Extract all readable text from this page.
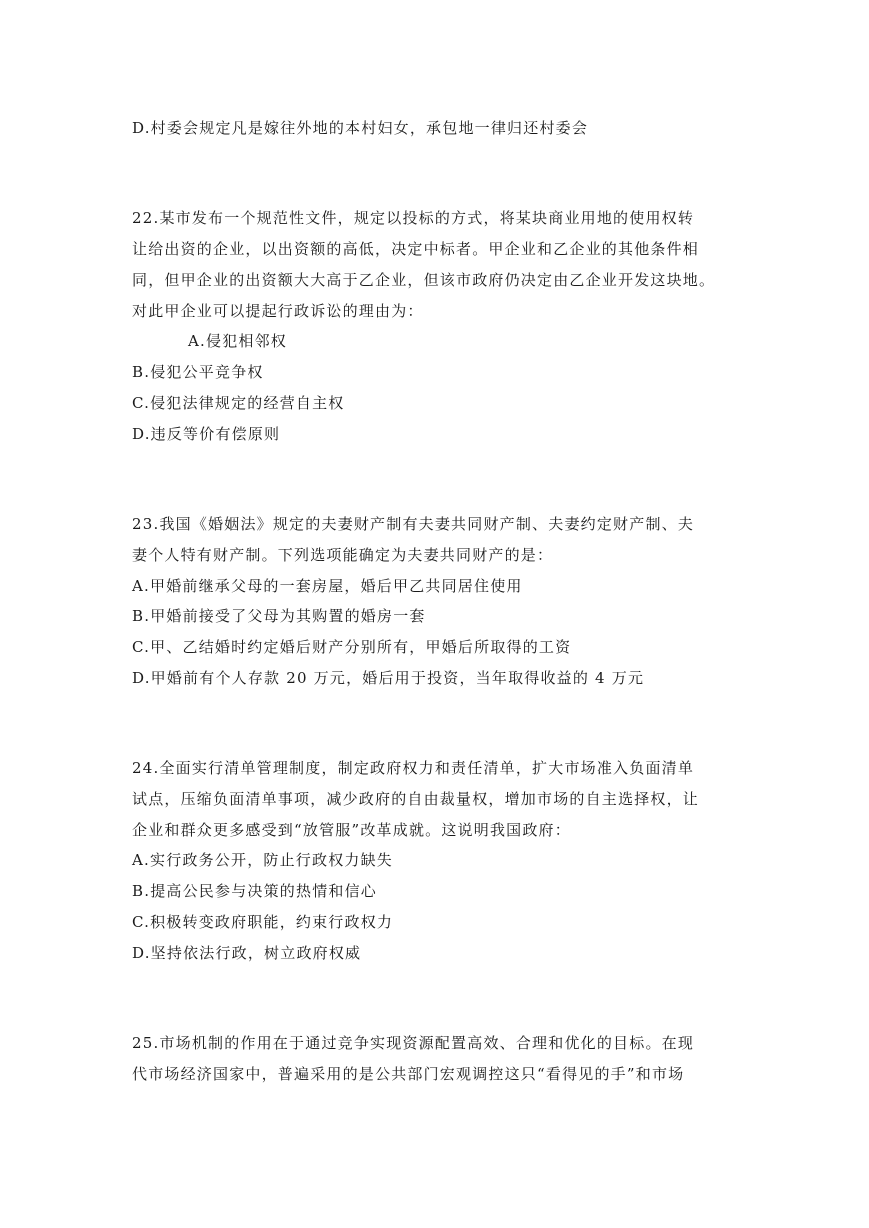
D.村委会规定凡是嫁往外地的本村妇女，承包地一律归还村委会
22.某市发布一个规范性文件，规定以投标的方式，将某块商业用地的使用权转
让给出资的企业，以出资额的高低，决定中标者。甲企业和乙企业的其他条件相
同，但甲企业的出资额大大高于乙企业，但该市政府仍决定由乙企业开发这块地。
对此甲企业可以提起行政诉讼的理由为：
A.侵犯相邻权
B.侵犯公平竞争权
C.侵犯法律规定的经营自主权
D.违反等价有偿原则
23.我国《婚姻法》规定的夫妻财产制有夫妻共同财产制、夫妻约定财产制、夫
妻个人特有财产制。下列选项能确定为夫妻共同财产的是：
A.甲婚前继承父母的一套房屋，婚后甲乙共同居住使用
B.甲婚前接受了父母为其购置的婚房一套
C.甲、乙结婚时约定婚后财产分别所有，甲婚后所取得的工资
D.甲婚前有个人存款 20 万元，婚后用于投资，当年取得收益的 4 万元
24.全面实行清单管理制度，制定政府权力和责任清单，扩大市场准入负面清单
试点，压缩负面清单事项，减少政府的自由裁量权，增加市场的自主选择权，让
企业和群众更多感受到“放管服”改革成就。这说明我国政府：
A.实行政务公开，防止行政权力缺失
B.提高公民参与决策的热情和信心
C.积极转变政府职能，约束行政权力
D.坚持依法行政，树立政府权威
25.市场机制的作用在于通过竞争实现资源配置高效、合理和优化的目标。在现
代市场经济国家中，普遍采用的是公共部门宏观调控这只“看得见的手”和市场
